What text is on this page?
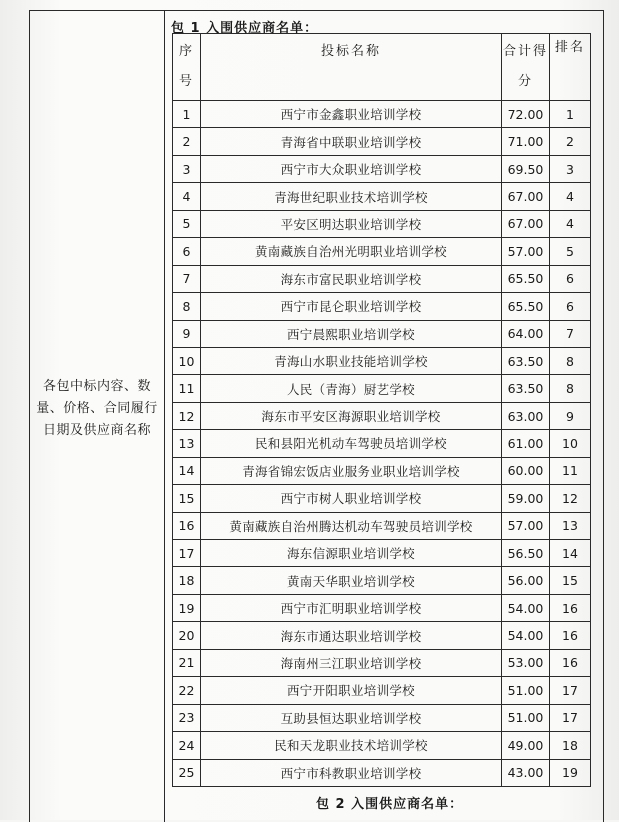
各包中标内容、数量、价格、合同履行日期及供应商名称
包 1 入围供应商名单：
序号	投标名称	合计得分	排名
1	西宁市金鑫职业培训学校	72.00	1
2	青海省中联职业培训学校	71.00	2
3	西宁市大众职业培训学校	69.50	3
4	青海世纪职业技术培训学校	67.00	4
5	平安区明达职业培训学校	67.00	4
6	黄南藏族自治州光明职业培训学校	57.00	5
7	海东市富民职业培训学校	65.50	6
8	西宁市昆仑职业培训学校	65.50	6
9	西宁晨熙职业培训学校	64.00	7
10	青海山水职业技能培训学校	63.50	8
11	人民（青海）厨艺学校	63.50	8
12	海东市平安区海源职业培训学校	63.00	9
13	民和县阳光机动车驾驶员培训学校	61.00	10
14	青海省锦宏饭店业服务业职业培训学校	60.00	11
15	西宁市树人职业培训学校	59.00	12
16	黄南藏族自治州腾达机动车驾驶员培训学校	57.00	13
17	海东信源职业培训学校	56.50	14
18	黄南天华职业培训学校	56.00	15
19	西宁市汇明职业培训学校	54.00	16
20	海东市通达职业培训学校	54.00	16
21	海南州三江职业培训学校	53.00	16
22	西宁开阳职业培训学校	51.00	17
23	互助县恒达职业培训学校	51.00	17
24	民和天龙职业技术培训学校	49.00	18
25	西宁市科教职业培训学校	43.00	19
包 2 入围供应商名单：
